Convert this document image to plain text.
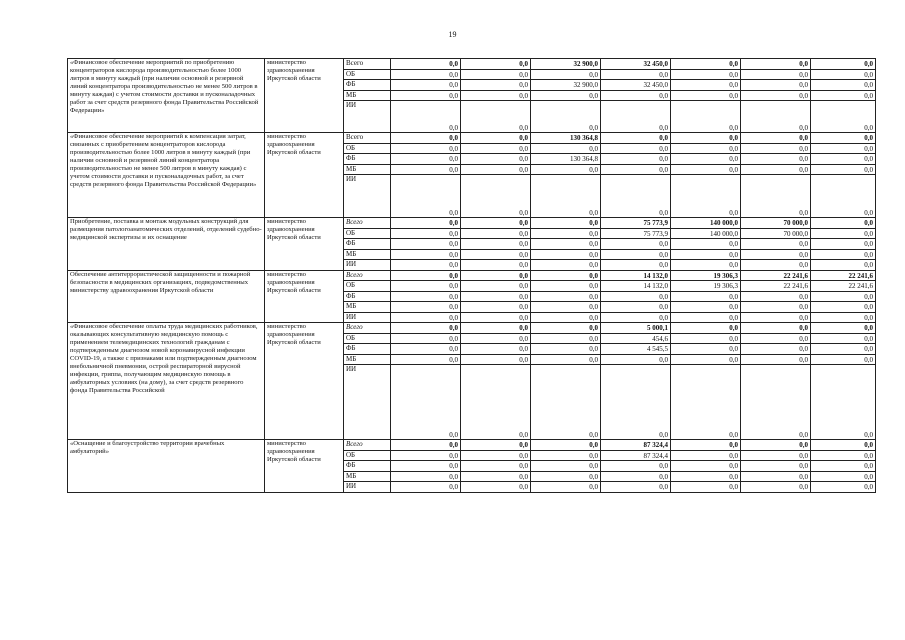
19
«Финансовое обеспечение мероприятий по приобретению концентраторов кислорода производительностью более 1000 литров в минуту каждый (при наличии основной и резервной линий концентратора производительностью не менее 500 литров в минуту каждая) с учетом стоимости доставки и пусконаладочных работ за счет средств резервного фонда Правительства Российской Федерации»	министерство здравоохранения Иркутской области	Всего	0,0	0,0	32 900,0	32 450,0	0,0	0,0	0,0
		ОБ	0,0	0,0	0,0	0,0	0,0	0,0	0,0
		ФБ	0,0	0,0	32 900,0	32 450,0	0,0	0,0	0,0
		МБ	0,0	0,0	0,0	0,0	0,0	0,0	0,0
		ИИ	0,0	0,0	0,0	0,0	0,0	0,0	0,0
«Финансовое обеспечение мероприятий к компенсация затрат, связанных с приобретением концентраторов кислорода производительностью более 1000 литров в минуту каждый (при наличии основной и резервной линий концентратора производительностью не менее 500 литров в минуту каждая) с учетом стоимости доставки и пусконаладочных работ, за счет средств резервного фонда Правительства Российской Федерации»	министерство здравоохранения Иркутской области	Всего	0,0	0,0	130 364,8	0,0	0,0	0,0	0,0
		ОБ	0,0	0,0	0,0	0,0	0,0	0,0	0,0
		ФБ	0,0	0,0	130 364,8	0,0	0,0	0,0	0,0
		МБ	0,0	0,0	0,0	0,0	0,0	0,0	0,0
		ИИ	0,0	0,0	0,0	0,0	0,0	0,0	0,0
Приобретение, поставка и монтаж модульных конструкций для размещения патологоанатомических отделений, отделений судебно-медицинской экспертизы и их оснащение	министерство здравоохранения Иркутской области	Всего	0,0	0,0	0,0	75 773,9	140 000,0	70 000,0	0,0
		ОБ	0,0	0,0	0,0	75 773,9	140 000,0	70 000,0	0,0
		ФБ	0,0	0,0	0,0	0,0	0,0	0,0	0,0
		МБ	0,0	0,0	0,0	0,0	0,0	0,0	0,0
		ИИ	0,0	0,0	0,0	0,0	0,0	0,0	0,0
Обеспечение антитеррористической защищенности и пожарной безопасности в медицинских организациях, подведомственных министерству здравоохранения Иркутской области	министерство здравоохранения Иркутской области	Всего	0,0	0,0	0,0	14 132,0	19 306,3	22 241,6	22 241,6
		ОБ	0,0	0,0	0,0	14 132,0	19 306,3	22 241,6	22 241,6
		ФБ	0,0	0,0	0,0	0,0	0,0	0,0	0,0
		МБ	0,0	0,0	0,0	0,0	0,0	0,0	0,0
		ИИ	0,0	0,0	0,0	0,0	0,0	0,0	0,0
«Финансовое обеспечение оплаты труда медицинских работников, оказывающих консультативную медицинскую помощь с применением телемедицинских технологий гражданам с подтвержденным диагнозом новой коронавирусной инфекции COVID-19, а также с признаками или подтвержденным диагнозом внебольничной пневмонии, острой респираторной вирусной инфекции, гриппа, получающим медицинскую помощь в амбулаторных условиях (на дому), за счет средств резервного фонда Правительства Российской	министерство здравоохранения Иркутской области	Всего	0,0	0,0	0,0	5 000,1	0,0	0,0	0,0
		ОБ	0,0	0,0	0,0	454,6	0,0	0,0	0,0
		ФБ	0,0	0,0	0,0	4 545,5	0,0	0,0	0,0
		МБ	0,0	0,0	0,0	0,0	0,0	0,0	0,0
		ИИ	0,0	0,0	0,0	0,0	0,0	0,0	0,0
«Оснащение и благоустройство территории врачебных амбулаторий»	министерство здравоохранения Иркутской области	Всего	0,0	0,0	0,0	87 324,4	0,0	0,0	0,0
		ОБ	0,0	0,0	0,0	87 324,4	0,0	0,0	0,0
		ФБ	0,0	0,0	0,0	0,0	0,0	0,0	0,0
		МБ	0,0	0,0	0,0	0,0	0,0	0,0	0,0
		ИИ	0,0	0,0	0,0	0,0	0,0	0,0	0,0
